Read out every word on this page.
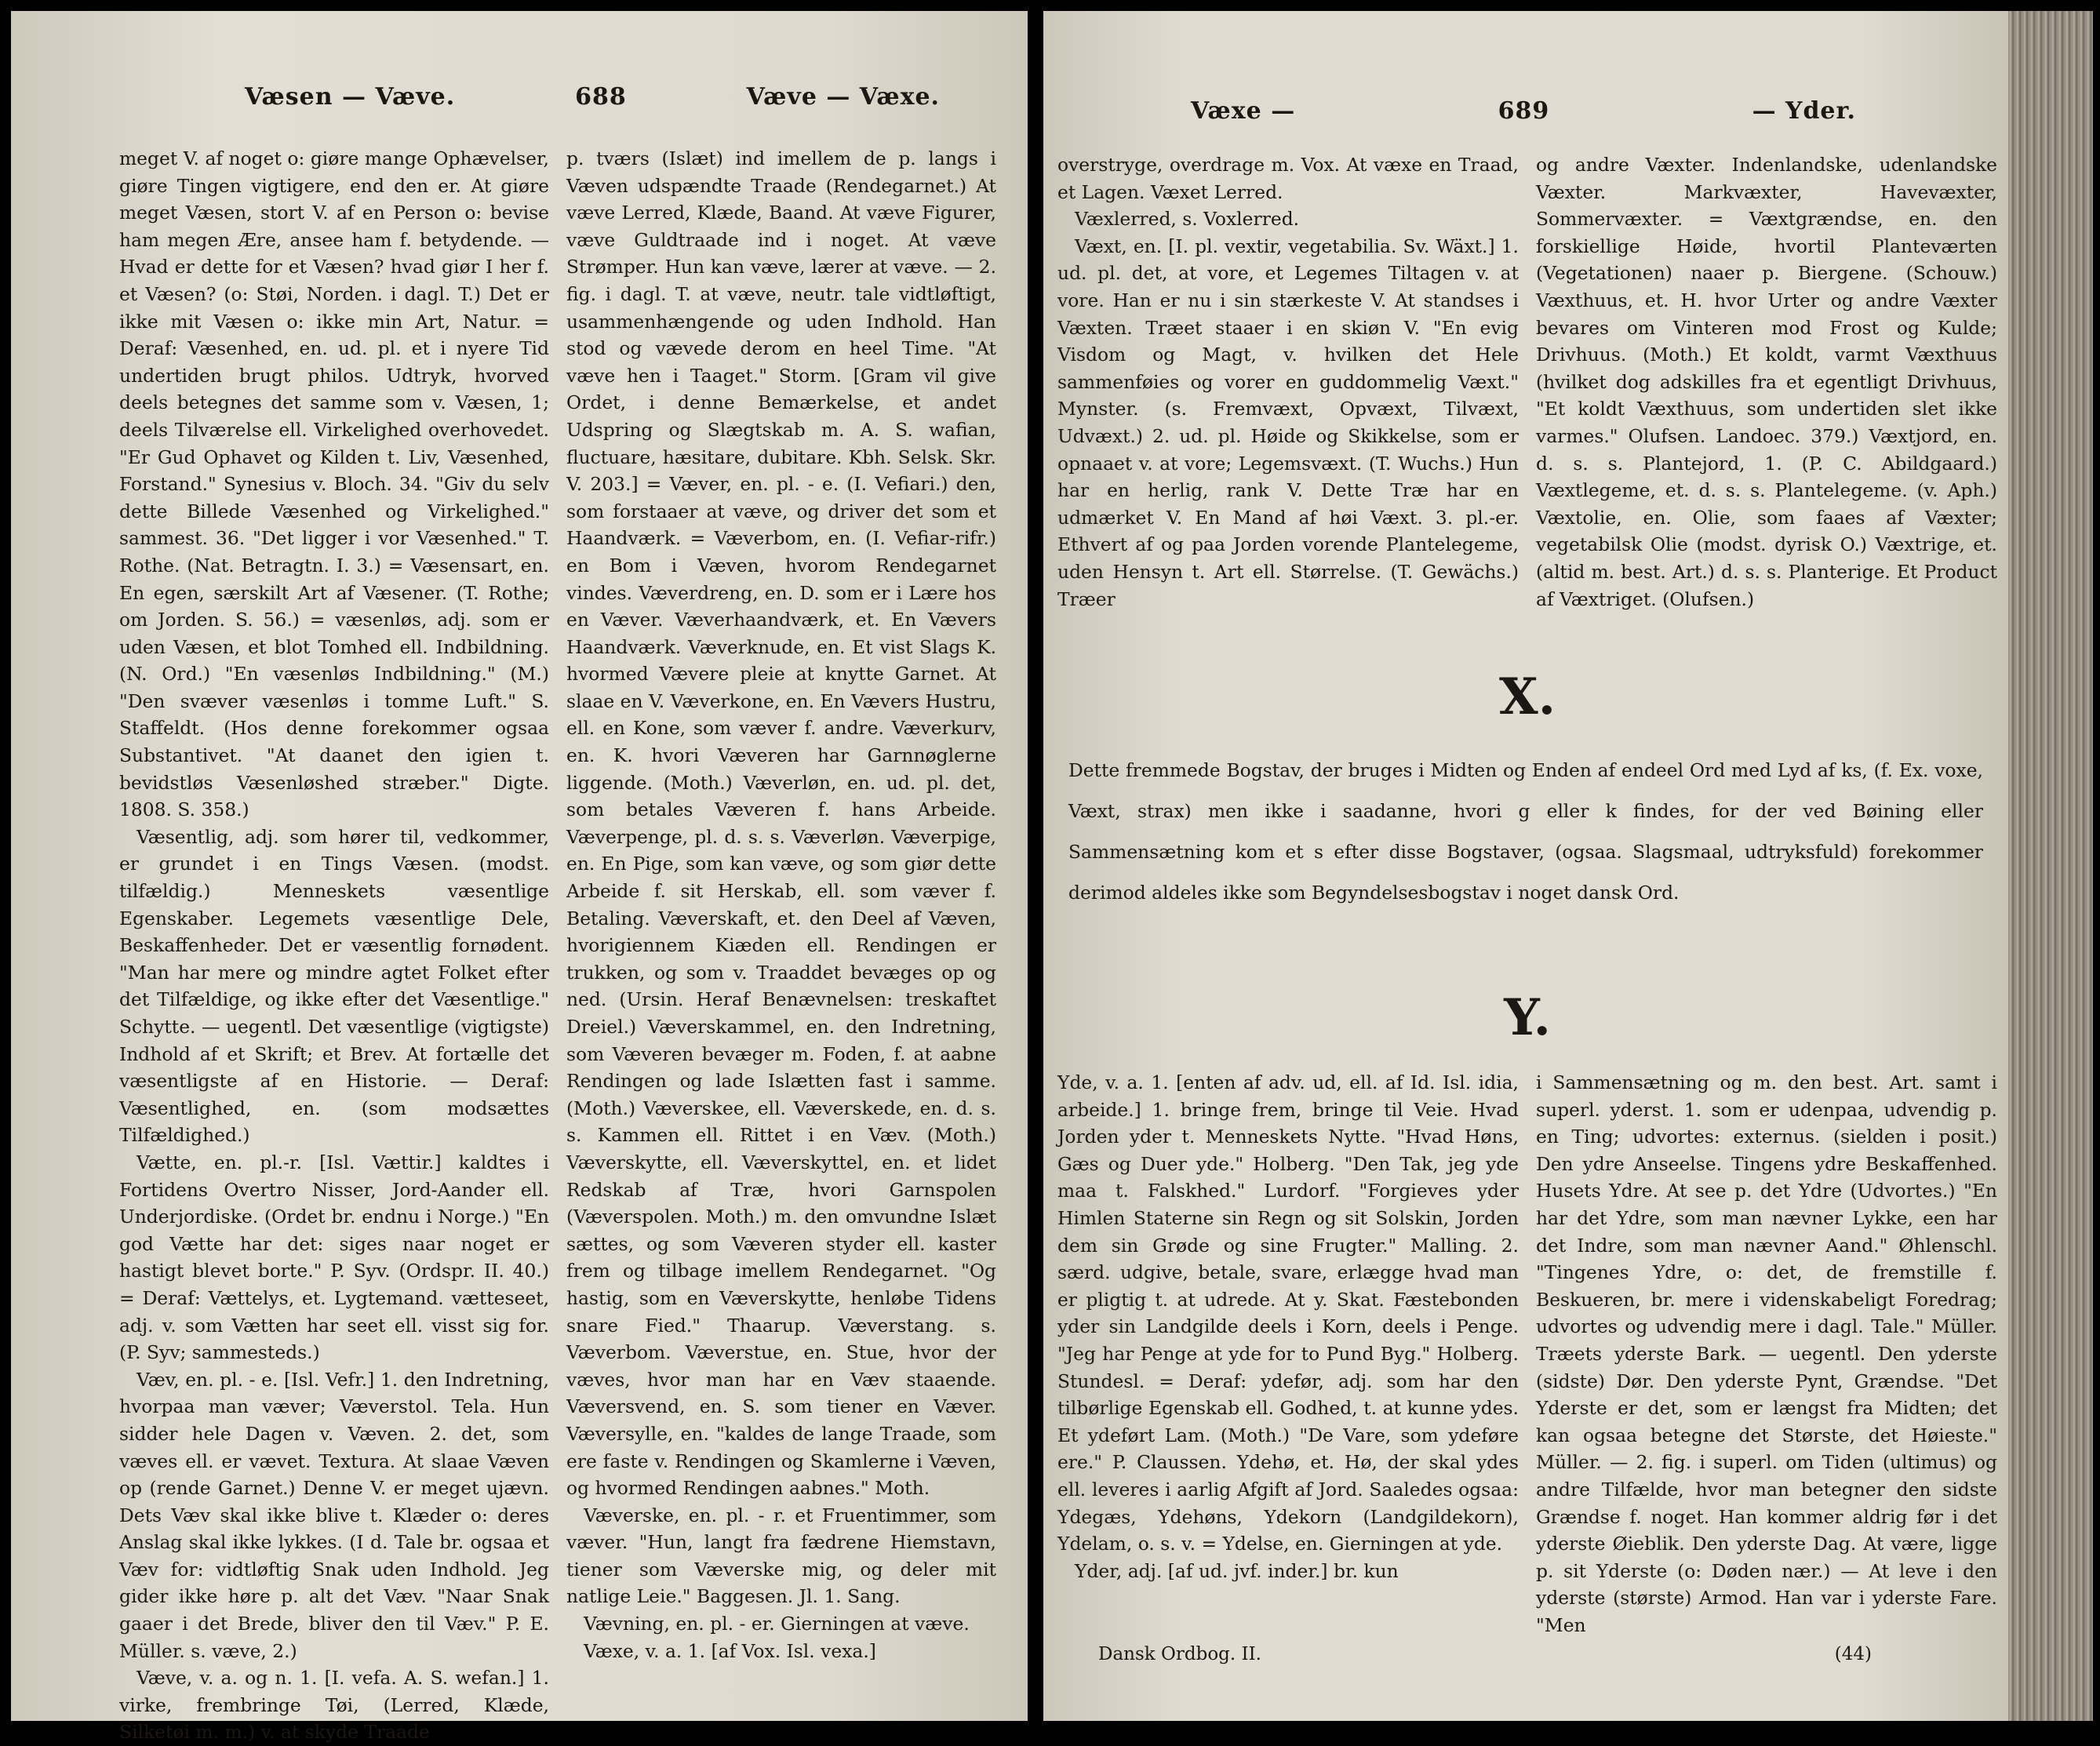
Væsen — Væve.	688	Væve — Væxe.

meget V. af noget o: giøre mange Ophævelser, giøre Tingen vigtigere, end den er. At giøre meget Væsen, stort V. af en Person o: bevise ham megen Ære, ansee ham f. betydende. — Hvad er dette for et Væsen? hvad giør I her f. et Væsen? (o: Støi, Norden. i dagl. T.) Det er ikke mit Væsen o: ikke min Art, Natur. = Deraf: Væsenhed, en. ud. pl. et i nyere Tid undertiden brugt philos. Udtryk, hvorved deels betegnes det samme som v. Væsen, 1; deels Tilværelse ell. Virkelighed overhovedet. "Er Gud Ophavet og Kilden t. Liv, Væsenhed, Forstand." Synesius v. Bloch. 34. "Giv du selv dette Billede Væsenhed og Virkelighed." sammest. 36. "Det ligger i vor Væsenhed." T. Rothe. (Nat. Betragtn. I. 3.) = Væsensart, en. En egen, særskilt Art af Væsener. (T. Rothe; om Jorden. S. 56.) = væsenløs, adj. som er uden Væsen, et blot Tomhed ell. Indbildning. (N. Ord.) "En væsenløs Indbildning." (M.) "Den svæver væsenløs i tomme Luft." S. Staffeldt. (Hos denne forekommer ogsaa Substantivet. "At daanet den igien t. bevidstløs Væsenløshed stræber." Digte. 1808. S. 358.)

Væsentlig, adj. som hører til, vedkommer, er grundet i en Tings Væsen. (modst. tilfældig.) Menneskets væsentlige Egenskaber. Legemets væsentlige Dele, Beskaffenheder. Det er væsentlig fornødent. "Man har mere og mindre agtet Folket efter det Tilfældige, og ikke efter det Væsentlige." Schytte. — uegentl. Det væsentlige (vigtigste) Indhold af et Skrift; et Brev. At fortælle det væsentligste af en Historie. — Deraf: Væsentlighed, en. (som modsættes Tilfældighed.)

Vætte, en. pl.-r. [Isl. Vættir.] kaldtes i Fortidens Overtro Nisser, Jord-Aander ell. Underjordiske. (Ordet br. endnu i Norge.) "En god Vætte har det: siges naar noget er hastigt blevet borte." P. Syv. (Ordspr. II. 40.) = Deraf: Vættelys, et. Lygtemand. vætteseet, adj. v. som Vætten har seet ell. visst sig for. (P. Syv; sammesteds.)

Væv, en. pl. - e. [Isl. Vefr.] 1. den Indretning, hvorpaa man væver; Væverstol. Tela. Hun sidder hele Dagen v. Væven. 2. det, som væves ell. er vævet. Textura. At slaae Væven op (rende Garnet.) Denne V. er meget ujævn. Dets Væv skal ikke blive t. Klæder o: deres Anslag skal ikke lykkes. (I d. Tale br. ogsaa et Væv for: vidtløftig Snak uden Indhold. Jeg gider ikke høre p. alt det Væv. "Naar Snak gaaer i det Brede, bliver den til Væv." P. E. Müller. s. væve, 2.)

Væve, v. a. og n. 1. [I. vefa. A. S. wefan.] 1. virke, frembringe Tøi, (Lerred, Klæde, Silketøi m. m.) v. at skyde Traade

p. tværs (Islæt) ind imellem de p. langs i Væven udspændte Traade (Rendegarnet.) At væve Lerred, Klæde, Baand. At væve Figurer, væve Guldtraade ind i noget. At væve Strømper. Hun kan væve, lærer at væve. — 2. fig. i dagl. T. at væve, neutr. tale vidtløftigt, usammenhængende og uden Indhold. Han stod og vævede derom en heel Time. "At væve hen i Taaget." Storm. [Gram vil give Ordet, i denne Bemærkelse, et andet Udspring og Slægtskab m. A. S. wafian, fluctuare, hæsitare, dubitare. Kbh. Selsk. Skr. V. 203.] = Væver, en. pl. - e. (I. Vefiari.) den, som forstaaer at væve, og driver det som et Haandværk. = Væverbom, en. (I. Vefiar-rifr.) en Bom i Væven, hvorom Rendegarnet vindes. Væverdreng, en. D. som er i Lære hos en Væver. Væverhaandværk, et. En Vævers Haandværk. Væverknude, en. Et vist Slags K. hvormed Vævere pleie at knytte Garnet. At slaae en V. Væverkone, en. En Vævers Hustru, ell. en Kone, som væver f. andre. Væverkurv, en. K. hvori Væveren har Garnnøglerne liggende. (Moth.) Væverløn, en. ud. pl. det, som betales Væveren f. hans Arbeide. Væverpenge, pl. d. s. s. Væverløn. Væverpige, en. En Pige, som kan væve, og som giør dette Arbeide f. sit Herskab, ell. som væver f. Betaling. Væverskaft, et. den Deel af Væven, hvorigiennem Kiæden ell. Rendingen er trukken, og som v. Traaddet bevæges op og ned. (Ursin. Heraf Benævnelsen: treskaftet Dreiel.) Væverskammel, en. den Indretning, som Væveren bevæger m. Foden, f. at aabne Rendingen og lade Islætten fast i samme. (Moth.) Væverskee, ell. Væverskede, en. d. s. s. Kammen ell. Rittet i en Væv. (Moth.) Væverskytte, ell. Væverskyttel, en. et lidet Redskab af Træ, hvori Garnspolen (Væverspolen. Moth.) m. den omvundne Islæt sættes, og som Væveren styder ell. kaster frem og tilbage imellem Rendegarnet. "Og hastig, som en Væverskytte, henløbe Tidens snare Fied." Thaarup. Væverstang. s. Væverbom. Væverstue, en. Stue, hvor der væves, hvor man har en Væv staaende. Væversvend, en. S. som tiener en Væver. Væversylle, en. "kaldes de lange Traade, som ere faste v. Rendingen og Skamlerne i Væven, og hvormed Rendingen aabnes." Moth.

Væverske, en. pl. - r. et Fruentimmer, som væver. "Hun, langt fra fædrene Hiemstavn, tiener som Væverske mig, og deler mit natlige Leie." Baggesen. Jl. 1. Sang.

Vævning, en. pl. - er. Gierningen at væve.

Væxe, v. a. 1. [af Vox. Isl. vexa.]

Væxe —	689	— Yder.

overstryge, overdrage m. Vox. At væxe en Traad, et Lagen. Væxet Lerred.

Væxlerred, s. Voxlerred.

Væxt, en. [I. pl. vextir, vegetabilia. Sv. Wäxt.] 1. ud. pl. det, at vore, et Legemes Tiltagen v. at vore. Han er nu i sin stærkeste V. At standses i Væxten. Træet staaer i en skiøn V. "En evig Visdom og Magt, v. hvilken det Hele sammenføies og vorer en guddommelig Væxt." Mynster. (s. Fremvæxt, Opvæxt, Tilvæxt, Udvæxt.) 2. ud. pl. Høide og Skikkelse, som er opnaaet v. at vore; Legemsvæxt. (T. Wuchs.) Hun har en herlig, rank V. Dette Træ har en udmærket V. En Mand af høi Væxt. 3. pl.-er. Ethvert af og paa Jorden vorende Plantelegeme, uden Hensyn t. Art ell. Størrelse. (T. Gewächs.) Træer

og andre Væxter. Indenlandske, udenlandske Væxter. Markvæxter, Havevæxter, Sommervæxter. = Væxtgrændse, en. den forskiellige Høide, hvortil Planteværten (Vegetationen) naaer p. Biergene. (Schouw.) Væxthuus, et. H. hvor Urter og andre Væxter bevares om Vinteren mod Frost og Kulde; Drivhuus. (Moth.) Et koldt, varmt Væxthuus (hvilket dog adskilles fra et egentligt Drivhuus, "Et koldt Væxthuus, som undertiden slet ikke varmes." Olufsen. Landoec. 379.) Væxtjord, en. d. s. s. Plantejord, 1. (P. C. Abildgaard.) Væxtlegeme, et. d. s. s. Plantelegeme. (v. Aph.) Væxtolie, en. Olie, som faaes af Væxter; vegetabilsk Olie (modst. dyrisk O.) Væxtrige, et. (altid m. best. Art.) d. s. s. Planterige. Et Product af Væxtriget. (Olufsen.)

X.
Dette fremmede Bogstav, der bruges i Midten og Enden af endeel Ord med Lyd af ks, (f. Ex. voxe, Væxt, strax) men ikke i saadanne, hvori g eller k findes, for der ved Bøining eller Sammensætning kom et s efter disse Bogstaver, (ogsaa. Slagsmaal, udtryksfuld) forekommer derimod aldeles ikke som Begyndelsesbogstav i noget dansk Ord.
Y.

Yde, v. a. 1. [enten af adv. ud, ell. af Id. Isl. idia, arbeide.] 1. bringe frem, bringe til Veie. Hvad Jorden yder t. Menneskets Nytte. "Hvad Høns, Gæs og Duer yde." Holberg. "Den Tak, jeg yde maa t. Falskhed." Lurdorf. "Forgieves yder Himlen Staterne sin Regn og sit Solskin, Jorden dem sin Grøde og sine Frugter." Malling. 2. særd. udgive, betale, svare, erlægge hvad man er pligtig t. at udrede. At y. Skat. Fæstebonden yder sin Landgilde deels i Korn, deels i Penge. "Jeg har Penge at yde for to Pund Byg." Holberg. Stundesl. = Deraf: ydefør, adj. som har den tilbørlige Egenskab ell. Godhed, t. at kunne ydes. Et ydeført Lam. (Moth.) "De Vare, som ydeføre ere." P. Claussen. Ydehø, et. Hø, der skal ydes ell. leveres i aarlig Afgift af Jord. Saaledes ogsaa: Ydegæs, Ydehøns, Ydekorn (Landgildekorn), Ydelam, o. s. v. = Ydelse, en. Gierningen at yde.

Yder, adj. [af ud. jvf. inder.] br. kun

i Sammensætning og m. den best. Art. samt i superl. yderst. 1. som er udenpaa, udvendig p. en Ting; udvortes: externus. (sielden i posit.) Den ydre Anseelse. Tingens ydre Beskaffenhed. Husets Ydre. At see p. det Ydre (Udvortes.) "En har det Ydre, som man nævner Lykke, een har det Indre, som man nævner Aand." Øhlenschl. "Tingenes Ydre, o: det, de fremstille f. Beskueren, br. mere i videnskabeligt Foredrag; udvortes og udvendig mere i dagl. Tale." Müller. Træets yderste Bark. — uegentl. Den yderste (sidste) Dør. Den yderste Pynt, Grændse. "Det Yderste er det, som er længst fra Midten; det kan ogsaa betegne det Største, det Høieste." Müller. — 2. fig. i superl. om Tiden (ultimus) og andre Tilfælde, hvor man betegner den sidste Grændse f. noget. Han kommer aldrig før i det yderste Øieblik. Den yderste Dag. At være, ligge p. sit Yderste (o: Døden nær.) — At leve i den yderste (største) Armod. Han var i yderste Fare. "Men

Dansk Ordbog. II.	(44)
